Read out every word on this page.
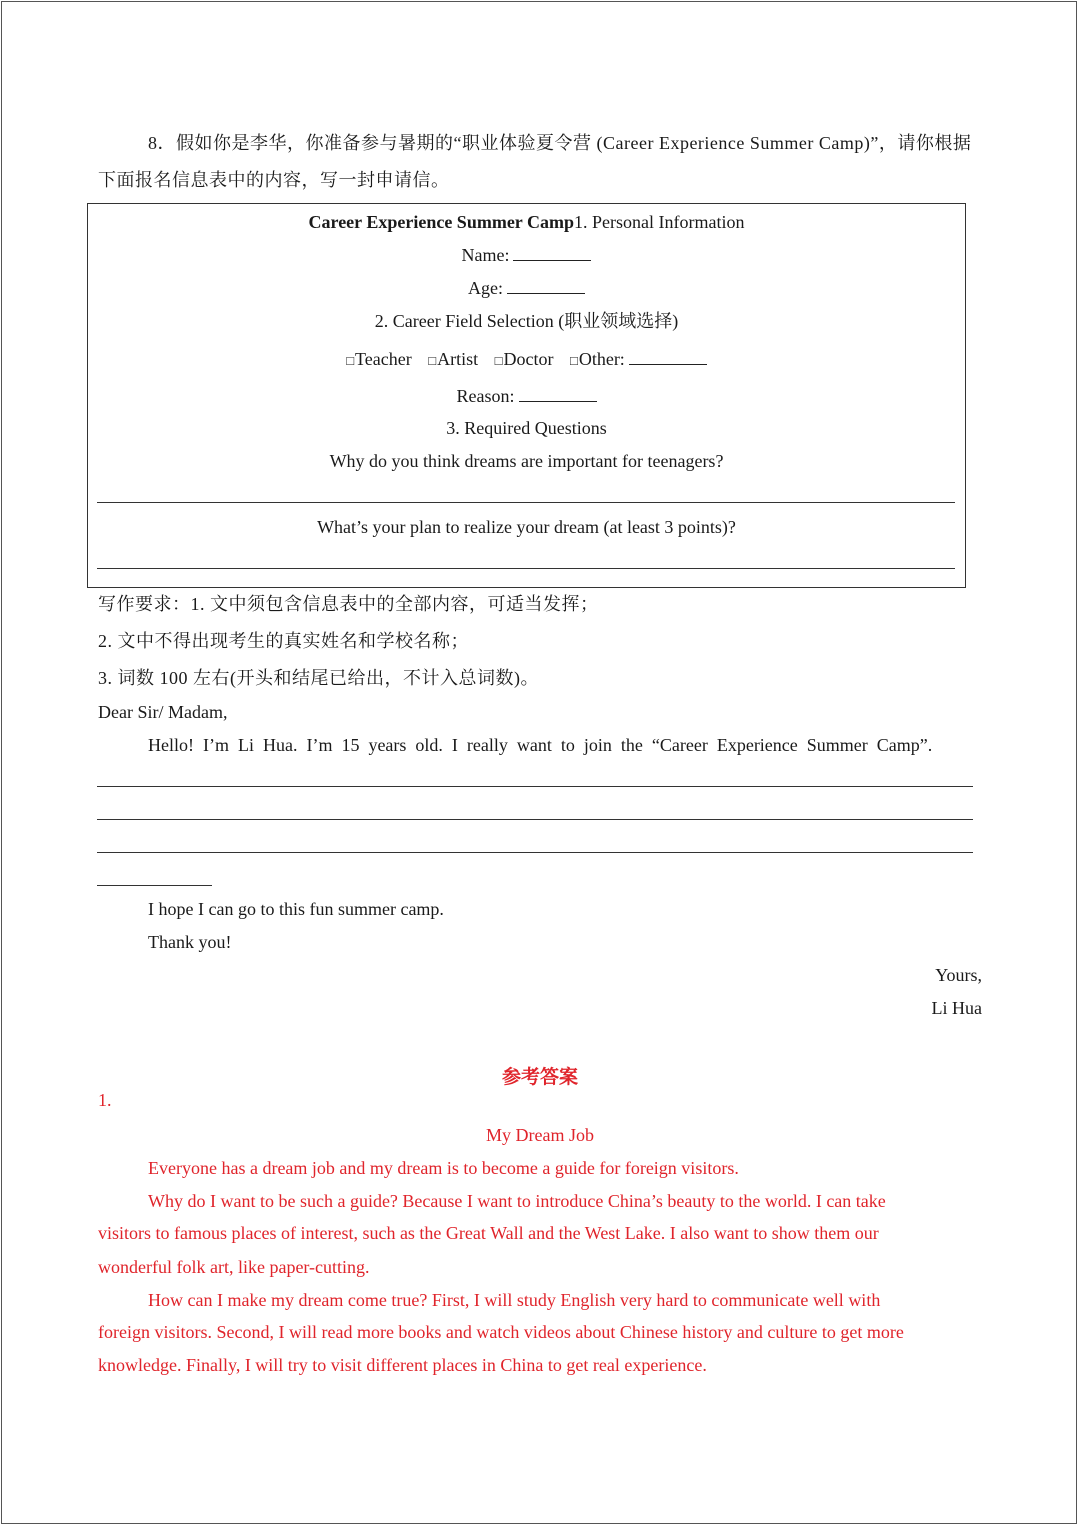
8．假如你是李华，你准备参与暑期的“职业体验夏令营 (Career Experience Summer Camp)”，请你根据
下面报名信息表中的内容，写一封申请信。
Career Experience Summer Camp1. Personal Information
Name:
Age:
2. Career Field Selection (职业领域选择)
□Teacher □Artist □Doctor □Other:
Reason:
3. Required Questions
Why do you think dreams are important for teenagers?
What’s your plan to realize your dream (at least 3 points)?
写作要求：1. 文中须包含信息表中的全部内容，可适当发挥；
2. 文中不得出现考生的真实姓名和学校名称；
3. 词数 100 左右(开头和结尾已给出，不计入总词数)。
Dear Sir/ Madam,
Hello!  I’m  Li  Hua.  I’m  15  years  old.  I  really  want  to  join  the  “Career  Experience  Summer  Camp”.
I hope I can go to this fun summer camp.
Thank you!
Yours,
Li Hua
参考答案
1.
My Dream Job
Everyone has a dream job and my dream is to become a guide for foreign visitors.
Why do I want to be such a guide? Because I want to introduce China’s beauty to the world. I can take
visitors to famous places of interest, such as the Great Wall and the West Lake. I also want to show them our
wonderful folk art, like paper-cutting.
How can I make my dream come true? First, I will study English very hard to communicate well with
foreign visitors. Second, I will read more books and watch videos about Chinese history and culture to get more
knowledge. Finally, I will try to visit different places in China to get real experience.
